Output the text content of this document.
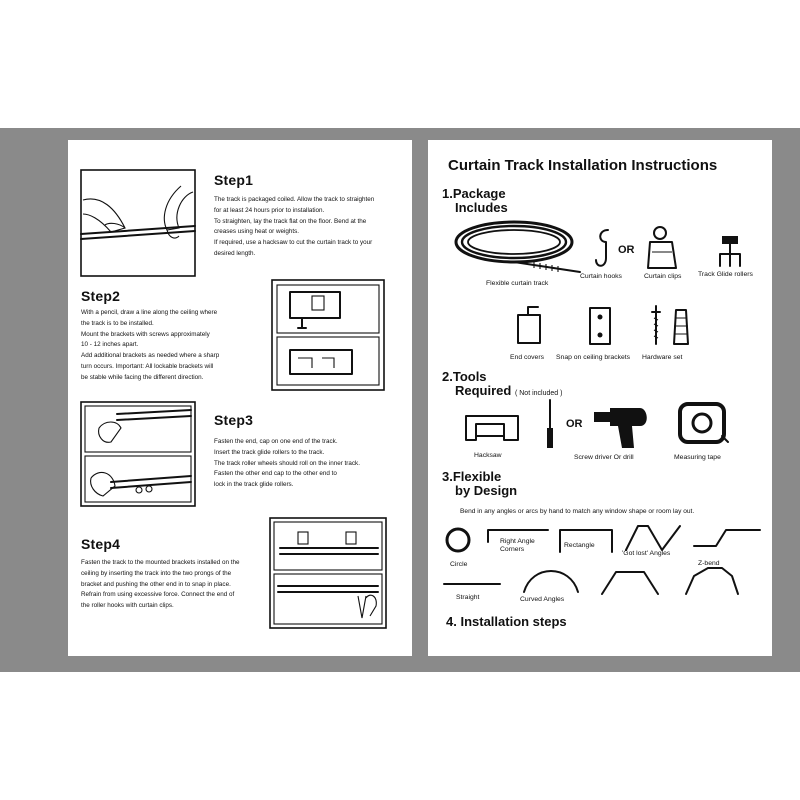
Step1
The track is packaged coiled. Allow the track to straighten
for at least 24 hours prior to installation.
To straighten, lay the track flat on the floor. Bend at the
creases using heat or weights.
If required, use a hacksaw to cut the curtain track to your
desired length.
Step2
With a pencil, draw a line along the ceiling where
the track is to be installed.
Mount the brackets with screws approximately
10 - 12 inches apart.
Add additional brackets as needed where a sharp
turn occurs. Important: All lockable brackets will
be stable while facing the different direction.
Step3
Fasten the end, cap on one end of the track.
Insert the track glide rollers to the track.
The track roller wheels should roll on the inner track.
Fasten the other end cap to the other end to
lock in the track glide rollers.
Step4
Fasten the track to the mounted brackets installed on the
ceiling by inserting the track into the two prongs of the
bracket and pushing the other end in to snap in place.
Refrain from using excessive force. Connect the end of
the roller hooks with curtain clips.
Curtain Track Installation Instructions
1.Package
Includes
Flexible curtain track
OR
Curtain hooks	Curtain clips Track Glide rollers
End covers Snap on ceiling brackets Hardware set
2.Tools
Required ( Not included )
Hacksaw
OR
Screw driver Or drill	Measuring tape
3.Flexible
by Design
Bend in any angles or arcs by hand to match any window shape or room lay out.
Circle
Right Angle
Corners
Rectangle
'Got lost' Angles
Straight	Curved Angles
Z-bend
4. Installation steps
